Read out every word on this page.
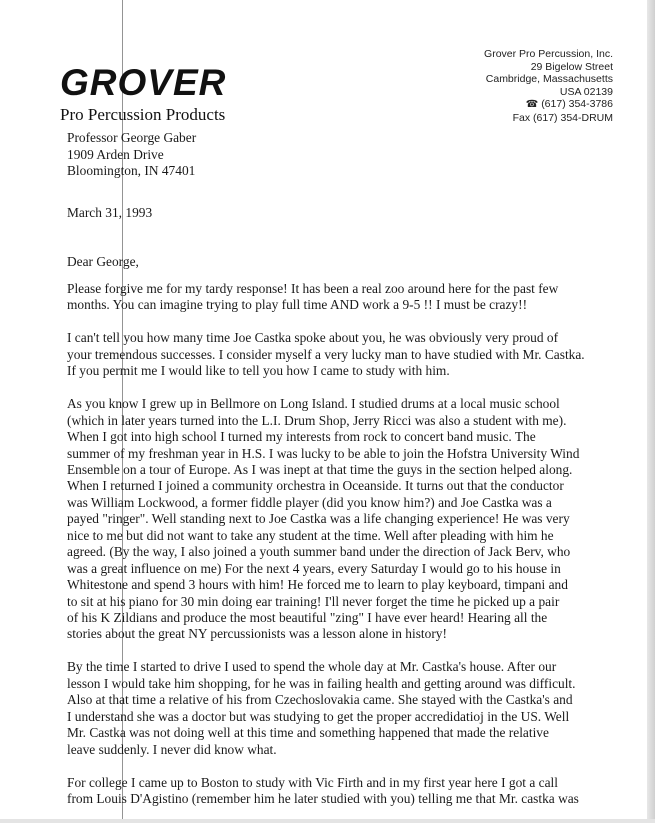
GROVER
Pro Percussion Products
Grover Pro Percussion, Inc.
29 Bigelow Street
Cambridge, Massachusetts
USA 02139
☎ (617) 354-3786
Fax (617) 354-DRUM
Professor George Gaber
1909 Arden Drive
Bloomington, IN 47401
March 31, 1993
Dear George,

Please forgive me for my tardy response! It has been a real zoo around here for the past few
months. You can imagine trying to play full time AND work a 9-5 !! I must be crazy!!

I can't tell you how many time Joe Castka spoke about you, he was obviously very proud of
your tremendous successes. I consider myself a very lucky man to have studied with Mr. Castka.
If you permit me I would like to tell you how I came to study with him.

As you know I grew up in Bellmore on Long Island. I studied drums at a local music school
(which in later years turned into the L.I. Drum Shop, Jerry Ricci was also a student with me).
When I got into high school I turned my interests from rock to concert band music. The
summer of my freshman year in H.S. I was lucky to be able to join the Hofstra University Wind
Ensemble on a tour of Europe. As I was inept at that time the guys in the section helped along.
When I returned I joined a community orchestra in Oceanside. It turns out that the conductor
was William Lockwood, a former fiddle player (did you know him?) and Joe Castka was a
payed "ringer". Well standing next to Joe Castka was a life changing experience! He was very
nice to me but did not want to take any student at the time. Well after pleading with him he
agreed. (By the way, I also joined a youth summer band under the direction of Jack Berv, who
was a great influence on me) For the next 4 years, every Saturday I would go to his house in
Whitestone and spend 3 hours with him! He forced me to learn to play keyboard, timpani and
to sit at his piano for 30 min doing ear training! I'll never forget the time he picked up a pair
of his K Zildians and produce the most beautiful "zing" I have ever heard! Hearing all the
stories about the great NY percussionists was a lesson alone in history!

By the time I started to drive I used to spend the whole day at Mr. Castka's house. After our
lesson I would take him shopping, for he was in failing health and getting around was difficult.
Also at that time a relative of his from Czechoslovakia came. She stayed with the Castka's and
I understand she was a doctor but was studying to get the proper accredidatioj in the US. Well
Mr. Castka was not doing well at this time and something happened that made the relative
leave suddenly. I never did know what.

For college I came up to Boston to study with Vic Firth and in my first year here I got a call
from Louis D'Agistino (remember him he later studied with you) telling me that Mr. castka was
